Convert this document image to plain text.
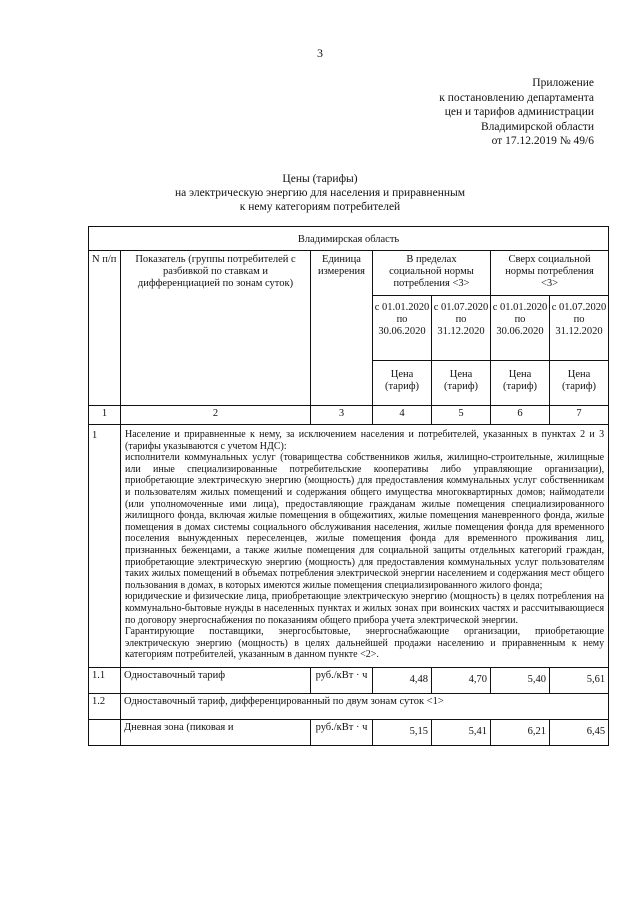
3
Приложение
к постановлению департамента
цен и тарифов администрации
Владимирской области
от 17.12.2019 № 49/6
Цены (тарифы)
на электрическую энергию для населения и приравненным
к нему категориям потребителей
Владимирская область						
N п/п	Показатель (группы потребителей с разбивкой по ставкам и дифференциацией по зонам суток)	Единица измерения	В пределах социальной нормы потребления <3>		Сверх социальной нормы потребления <3>	
			с 01.01.2020 по 30.06.2020	с 01.07.2020 по 31.12.2020	с 01.01.2020 по 30.06.2020	с 01.07.2020 по 31.12.2020
			Цена (тариф)	Цена (тариф)	Цена (тариф)	Цена (тариф)
1	2	3	4	5	6	7
1	Население и приравненные к нему, за исключением населения и потребителей, указанных в пунктах 2 и 3 (тарифы указываются с учетом НДС):

исполнители коммунальных услуг (товарищества собственников жилья, жилищно-строительные, жилищные или иные специализированные потребительские кооперативы либо управляющие организации), приобретающие электрическую энергию (мощность) для предоставления коммунальных услуг собственникам и пользователям жилых помещений и содержания общего имущества многоквартирных домов; наймодатели (или уполномоченные ими лица), предоставляющие гражданам жилые помещения специализированного жилищного фонда, включая жилые помещения в общежитиях, жилые помещения маневренного фонда, жилые помещения в домах системы социального обслуживания населения, жилые помещения фонда для временного поселения вынужденных переселенцев, жилые помещения фонда для временного проживания лиц, признанных беженцами, а также жилые помещения для социальной защиты отдельных категорий граждан, приобретающие электрическую энергию (мощность) для предоставления коммунальных услуг пользователям таких жилых помещений в объемах потребления электрической энергии населением и содержания мест общего пользования в домах, в которых имеются жилые помещения специализированного жилого фонда;

юридические и физические лица, приобретающие электрическую энергию (мощность) в целях потребления на коммунально-бытовые нужды в населенных пунктах и жилых зонах при воинских частях и рассчитывающиеся по договору энергоснабжения по показаниям общего прибора учета электрической энергии.

Гарантирующие поставщики, энергосбытовые, энергоснабжающие организации, приобретающие электрическую энергию (мощность) в целях дальнейшей продажи населению и приравненным к нему категориям потребителей, указанным в данном пункте <2>.					

1.1	Одноставочный тариф	руб./кВт · ч	4,48	4,70	5,40	5,61
1.2	Одноставочный тариф, дифференцированный по двум зонам суток <1>					
	Дневная зона (пиковая и	руб./кВт · ч	5,15	5,41	6,21	6,45
